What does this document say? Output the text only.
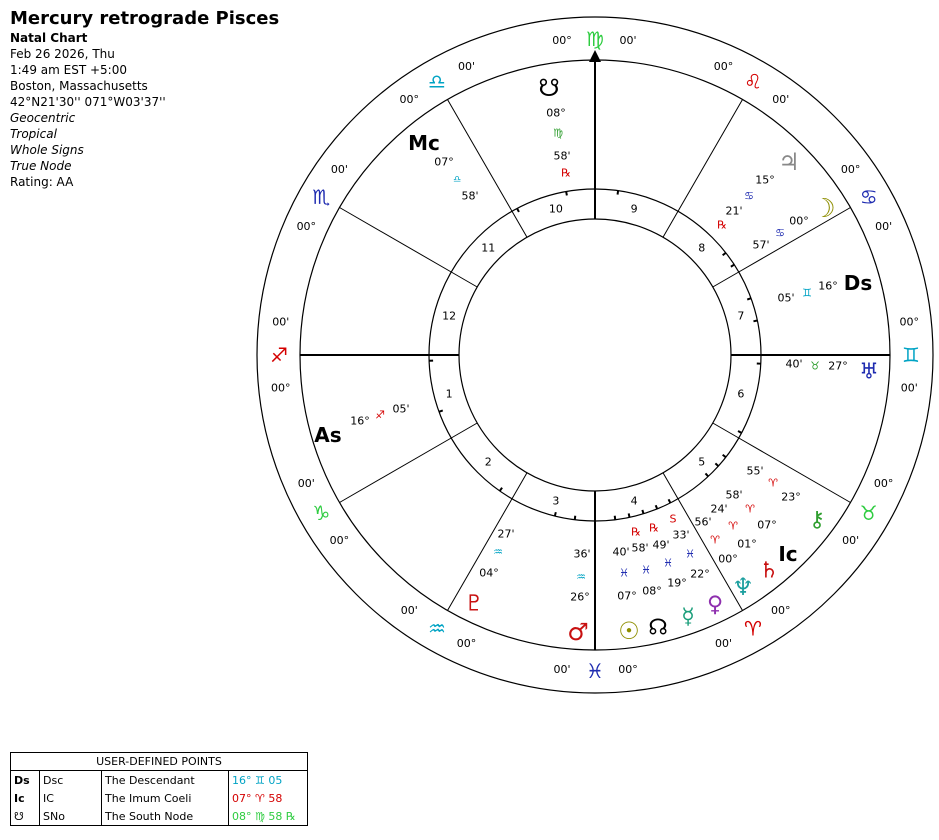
Mercury retrograde Pisces
Natal Chart
Feb 26 2026, Thu
1:49 am EST +5:00
Boston, Massachusetts
42°N21'30'' 071°W03'37''
Geocentric
Tropical
Whole Signs
True Node
Rating: AA
♍
00°	00'
♌
00°
00'
♋
00°
00'
♊
00°
00'
♉
00°
00'
♈
00°
00'
♓ 00°
00'
♒
00°
00'
♑
00°
00'
♐
00°
00'
♏
00°
00'
♎
00°
00'
9
8
7
6
5
4
3
2
1
12
11
10
☋
08°
♍
58'
℞
Mc
07°
♎
58'
♃
15°
♋
21'
℞
☽
00°
♋
57'
Ds
16°
♊
05'
♅
27°
♉
40'
As
16° ♐ 05'
♇
04°
♒
27'
♂
26°
♒
36'
☉
07°
♓
40'
☊
08°
♓
58'
℞
☿
19°
♓
49'
℞
♀
22°
♓
33'
S
♆
00°
♈
56'
♄
01°
♈
24'
Ic
07°
♈
58'
⚷
23°
♈
55'
USER-DEFINED POINTS
Ds	Dsc	The Descendant	16° ♊ 05
Ic	IC	The Imum Coeli	07° ♈ 58
☋	SNo	The South Node	08° ♍ 58 ℞
